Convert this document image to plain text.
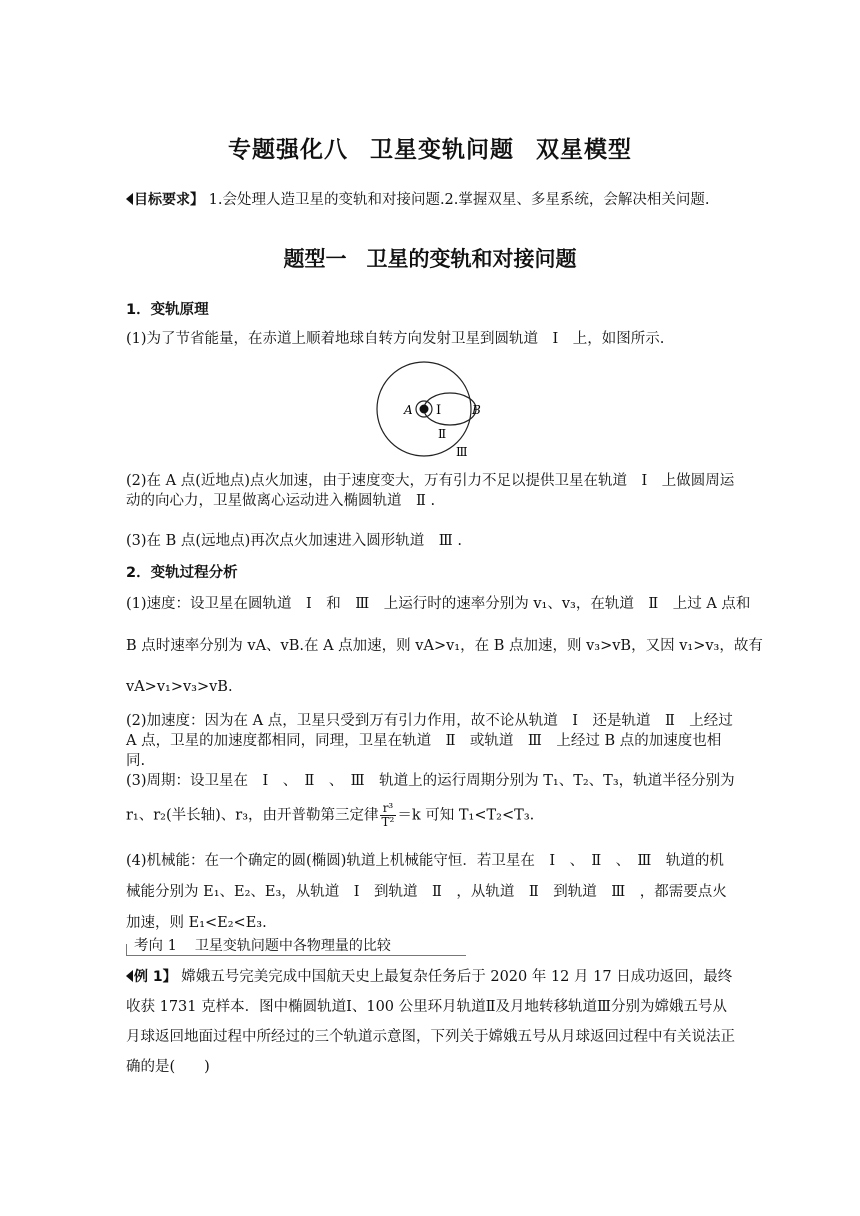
专题强化八 卫星变轨问题 双星模型
目标要求】 1.会处理人造卫星的变轨和对接问题.2.掌握双星、多星系统，会解决相关问题.
题型一 卫星的变轨和对接问题
1．变轨原理
(1)为了节省能量，在赤道上顺着地球自转方向发射卫星到圆轨道　Ⅰ　上，如图所示.
A	B
Ⅰ
Ⅱ
Ⅲ
(2)在 A 点(近地点)点火加速，由于速度变大，万有引力不足以提供卫星在轨道　Ⅰ　上做圆周运动的向心力，卫星做离心运动进入椭圆轨道　Ⅱ .
(3)在 B 点(远地点)再次点火加速进入圆形轨道　Ⅲ .
2．变轨过程分析
(1)速度：设卫星在圆轨道　Ⅰ　和　Ⅲ　上运行时的速率分别为 v₁、v₃，在轨道　Ⅱ　上过 A 点和
B 点时速率分别为 vA、vB.在 A 点加速，则 vA>v₁，在 B 点加速，则 v₃>vB，又因 v₁>v₃，故有
vA>v₁>v₃>vB.
(2)加速度：因为在 A 点，卫星只受到万有引力作用，故不论从轨道　Ⅰ　还是轨道　Ⅱ　上经过 A 点，卫星的加速度都相同，同理，卫星在轨道　Ⅱ　或轨道　Ⅲ　上经过 B 点的加速度也相同.
(3)周期：设卫星在　Ⅰ　、　Ⅱ　、　Ⅲ　轨道上的运行周期分别为 T₁、T₂、T₃，轨道半径分别为
r₁、r₂(半长轴)、r₃，由开普勒第三定律 $\frac{\text{r³}}{\text{T²}} =k$ 可知 T₁<T₂<T₃.
(4)机械能：在一个确定的圆(椭圆)轨道上机械能守恒．若卫星在　Ⅰ　、　Ⅱ　、　Ⅲ　轨道的机械能分别为 E₁、E₂、E₃，从轨道　Ⅰ　到轨道　Ⅱ　，从轨道　Ⅱ　到轨道　Ⅲ　，都需要点火加速，则 E₁<E₂<E₃.
考向 1 卫星变轨问题中各物理量的比较
例 1】 嫦娥五号完美完成中国航天史上最复杂任务后于 2020 年 12 月 17 日成功返回，最终收获 1731 克样本．图中椭圆轨道Ⅰ、100 公里环月轨道Ⅱ及月地转移轨道Ⅲ分别为嫦娥五号从月球返回地面过程中所经过的三个轨道示意图，下列关于嫦娥五号从月球返回过程中有关说法正确的是(　　)
